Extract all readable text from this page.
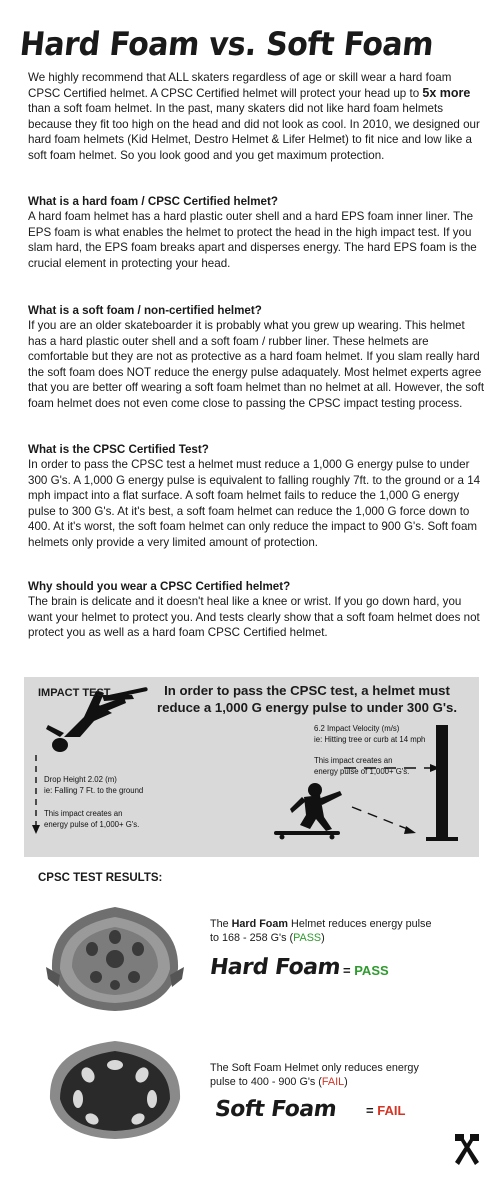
Hard Foam vs. Soft Foam

We highly recommend that ALL skaters regardless of age or skill wear a hard foam CPSC Certified helmet. A CPSC Certified helmet will protect your head up to 5x more than a soft foam helmet. In the past, many skaters did not like hard foam helmets because they fit too high on the head and did not look as cool. In 2010, we designed our hard foam helmets (Kid Helmet, Destro Helmet & Lifer Helmet) to fit nice and low like a soft foam helmet. So you look good and you get maximum protection.

What is a hard foam / CPSC Certified helmet?

A hard foam helmet has a hard plastic outer shell and a hard EPS foam inner liner. The EPS foam is what enables the helmet to protect the head in the high impact test. If you slam hard, the EPS foam breaks apart and disperses energy. The hard EPS foam is the crucial element in protecting your head.

What is a soft foam / non-certified helmet?

If you are an older skateboarder it is probably what you grew up wearing. This helmet has a hard plastic outer shell and a soft foam / rubber liner. These helmets are comfortable but they are not as protective as a hard foam helmet. If you slam really hard the soft foam does NOT reduce the energy pulse adaquately. Most helmet experts agree that you are better off wearing a soft foam helmet than no helmet at all. However, the soft foam helmet does not even come close to passing the CPSC impact testing process.

What is the CPSC Certified Test?

In order to pass the CPSC test a helmet must reduce a 1,000 G energy pulse to under 300 G's. A 1,000 G energy pulse is equivalent to falling roughly 7ft. to the ground or a 14 mph impact into a flat surface. A soft foam helmet fails to reduce the 1,000 G energy pulse to 300 G's. At it's best, a soft foam helmet can reduce the 1,000 G force down to 400. At it's worst, the soft foam helmet can only reduce the impact to 900 G's. Soft foam helmets only provide a very limited amount of protection.

Why should you wear a CPSC Certified helmet?

The brain is delicate and it doesn't heal like a knee or wrist. If you go down hard, you want your helmet to protect you. And tests clearly show that a soft foam helmet does not protect you as well as a hard foam CPSC Certified helmet.

IMPACT TEST	In order to pass the CPSC test, a helmet must reduce a 1,000 G energy pulse to under 300 G's.
Drop Height 2.02 (m)
ie: Falling 7 Ft. to the ground
This impact creates an
energy pulse of 1,000+ G's.
6.2 Impact Velocity (m/s)
ie: Hitting tree or curb at 14 mph
This impact creates an
energy pulse of 1,000+ G's.

CPSC TEST RESULTS:

The Hard Foam Helmet reduces energy pulse
to 168 - 258 G's (PASS)

Hard Foam = PASS

The Soft Foam Helmet only reduces energy
pulse to 400 - 900 G's (FAIL)

Soft Foam = FAIL
